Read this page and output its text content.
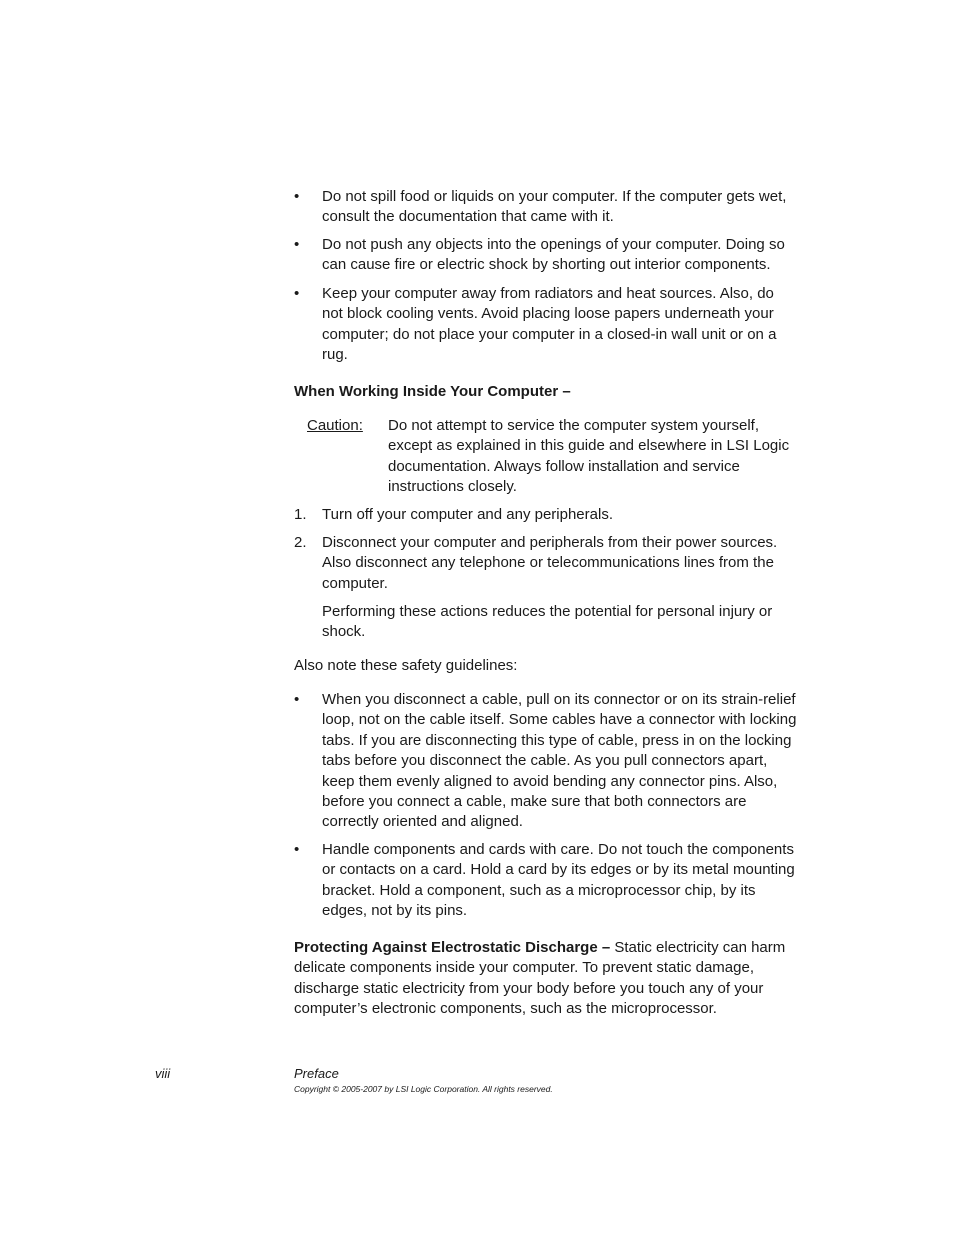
•	Do not spill food or liquids on your computer. If the computer gets wet, consult the documentation that came with it.
•	Do not push any objects into the openings of your computer. Doing so can cause fire or electric shock by shorting out interior components.
•	Keep your computer away from radiators and heat sources. Also, do not block cooling vents. Avoid placing loose papers underneath your computer; do not place your computer in a closed-in wall unit or on a rug.
When Working Inside Your Computer –
Caution: Do not attempt to service the computer system yourself, except as explained in this guide and elsewhere in LSI Logic documentation. Always follow installation and service instructions closely.
1.	Turn off your computer and any peripherals.
2.	Disconnect your computer and peripherals from their power sources. Also disconnect any telephone or telecommunications lines from the computer.
Performing these actions reduces the potential for personal injury or shock.
Also note these safety guidelines:
•	When you disconnect a cable, pull on its connector or on its strain-relief loop, not on the cable itself. Some cables have a connector with locking tabs. If you are disconnecting this type of cable, press in on the locking tabs before you disconnect the cable. As you pull connectors apart, keep them evenly aligned to avoid bending any connector pins. Also, before you connect a cable, make sure that both connectors are correctly oriented and aligned.
•	Handle components and cards with care. Do not touch the components or contacts on a card. Hold a card by its edges or by its metal mounting bracket. Hold a component, such as a microprocessor chip, by its edges, not by its pins.
Protecting Against Electrostatic Discharge – Static electricity can harm delicate components inside your computer. To prevent static damage, discharge static electricity from your body before you touch any of your computer’s electronic components, such as the microprocessor.
viii	Preface
Copyright © 2005-2007 by LSI Logic Corporation. All rights reserved.
